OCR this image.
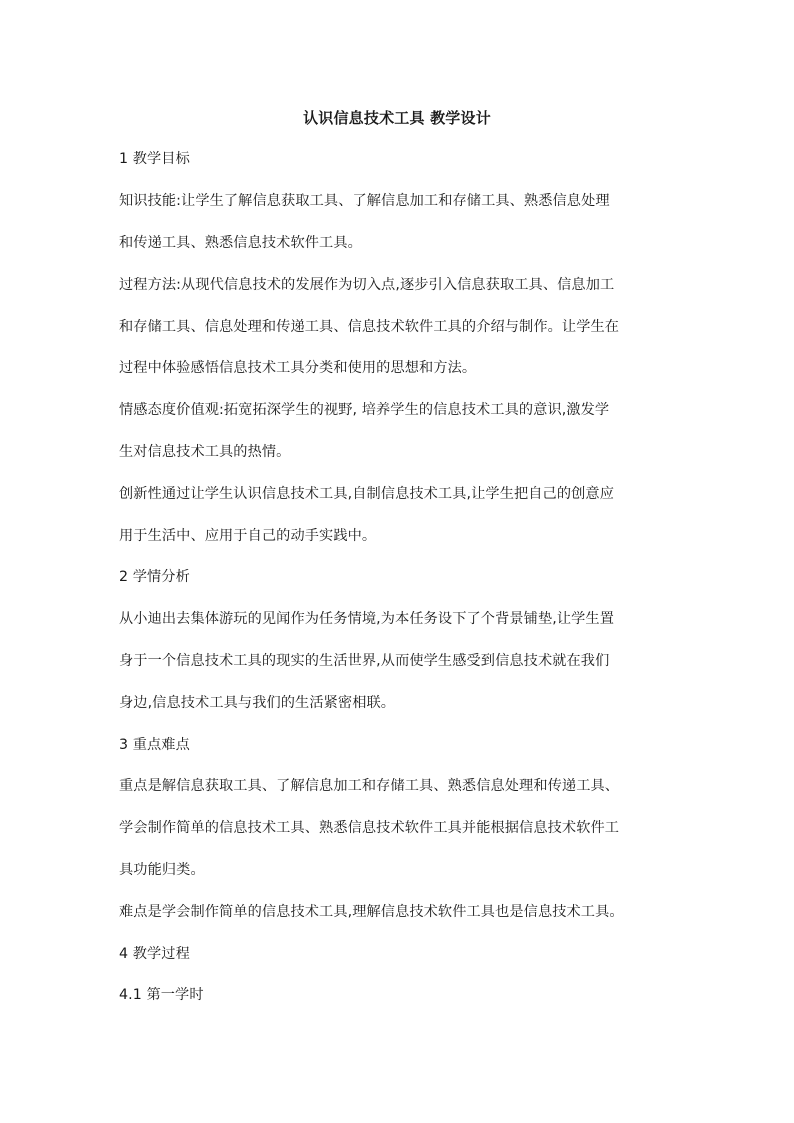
认识信息技术工具 教学设计
1 教学目标
知识技能:让学生了解信息获取工具、了解信息加工和存储工具、熟悉信息处理
和传递工具、熟悉信息技术软件工具。
过程方法:从现代信息技术的发展作为切入点,逐步引入信息获取工具、信息加工
和存储工具、信息处理和传递工具、信息技术软件工具的介绍与制作。让学生在
过程中体验感悟信息技术工具分类和使用的思想和方法。
情感态度价值观:拓宽拓深学生的视野, 培养学生的信息技术工具的意识,激发学
生对信息技术工具的热情。
创新性通过让学生认识信息技术工具,自制信息技术工具,让学生把自己的创意应
用于生活中、应用于自己的动手实践中。
2 学情分析
从小迪出去集体游玩的见闻作为任务情境,为本任务设下了个背景铺垫,让学生置
身于一个信息技术工具的现实的生活世界,从而使学生感受到信息技术就在我们
身边,信息技术工具与我们的生活紧密相联。
3 重点难点
重点是解信息获取工具、了解信息加工和存储工具、熟悉信息处理和传递工具、
学会制作简单的信息技术工具、熟悉信息技术软件工具并能根据信息技术软件工
具功能归类。
难点是学会制作简单的信息技术工具,理解信息技术软件工具也是信息技术工具。
4 教学过程
4.1 第一学时
